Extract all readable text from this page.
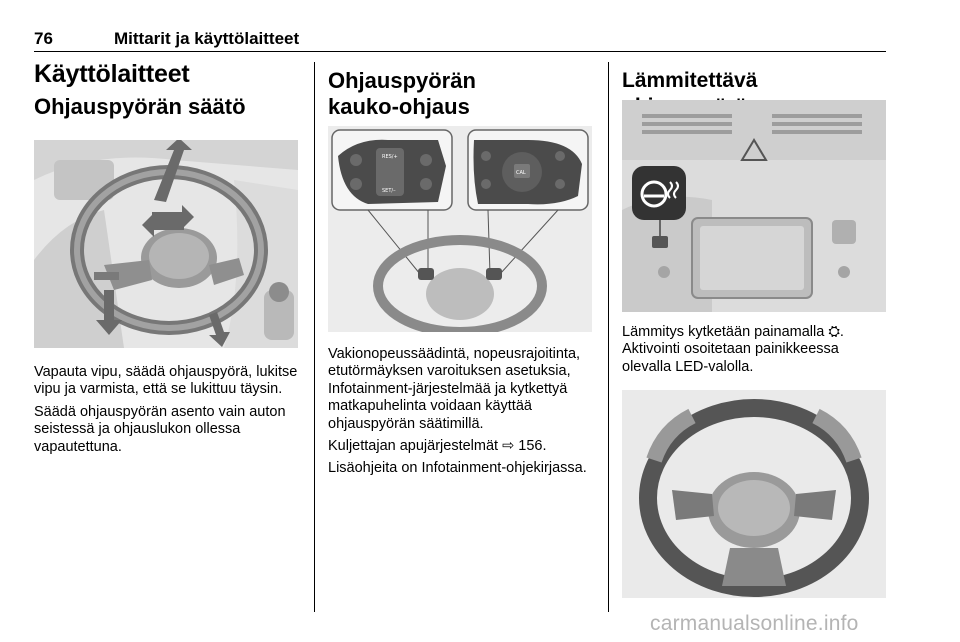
76	Mittarit ja käyttölaitteet
Käyttölaitteet
Ohjauspyörän säätö

Vapauta vipu, säädä ohjauspyörä, lukitse vipu ja varmista, että se lukittuu täysin.

Säädä ohjauspyörän asento vain auton seistessä ja ohjauslukon ollessa vapautettuna.

Ohjauspyörän
kauko-ohjaus
RES/+
SET/–
CAL

Vakionopeussäädintä, nopeusrajoitinta, etutörmäyksen varoituksen asetuksia, Infotainment-järjestelmää ja kytkettyä matkapuhelinta voidaan käyttää ohjauspyörän säätimillä.

Kuljettajan apujärjestelmät ⇨ 156.

Lisäohjeita on Infotainment-ohjekirjassa.

Lämmitettävä

Lämmitys kytketään painamalla ⛭. Aktivointi osoitetaan painikkeessa olevalla LED-valolla.

carmanualsonline.info
